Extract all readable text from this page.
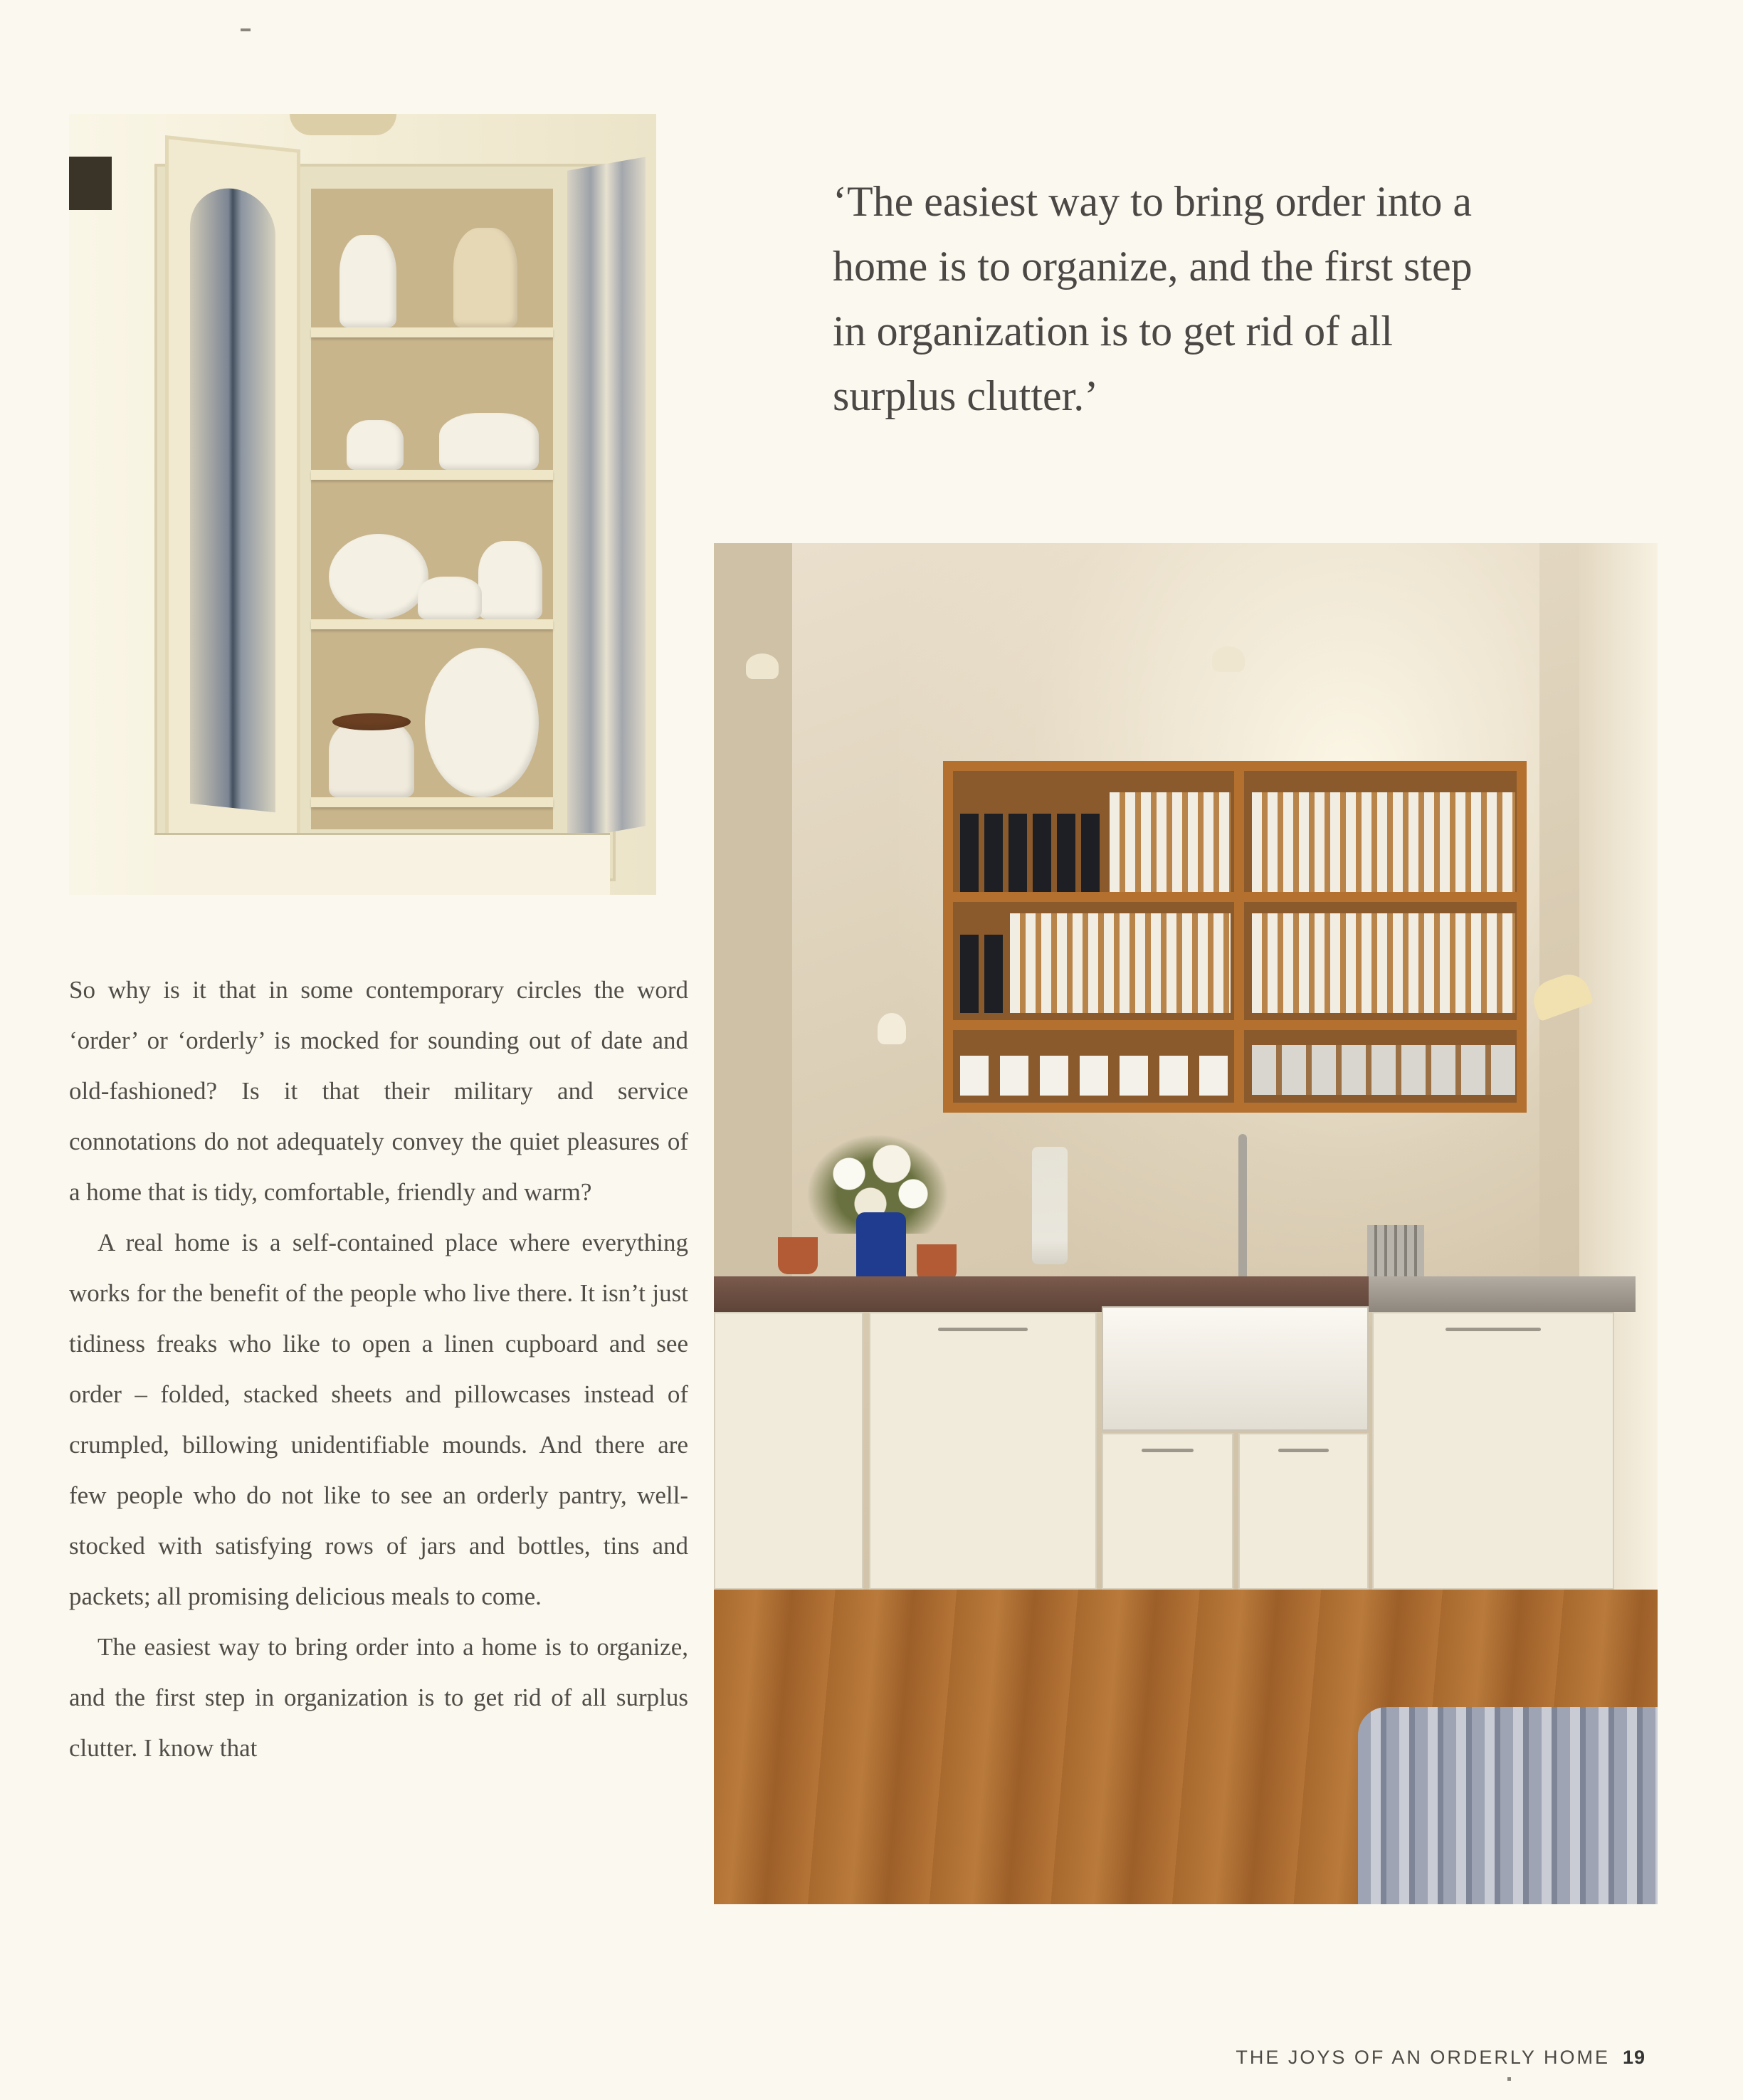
‘The easiest way to bring order into a home is to organize, and the first step in organization is to get rid of all surplus clutter.’

So why is it that in some contemporary circles the word ‘order’ or ‘orderly’ is mocked for sounding out of date and old-fashioned? Is it that their military and service connotations do not adequately convey the quiet pleasures of a home that is tidy, comfortable, friendly and warm?

A real home is a self-contained place where everything works for the benefit of the people who live there. It isn’t just tidiness freaks who like to open a linen cupboard and see order – folded, stacked sheets and pillowcases instead of crumpled, billowing unidentifiable mounds. And there are few people who do not like to see an orderly pantry, well-stocked with satisfying rows of jars and bottles, tins and packets; all promising delicious meals to come.

The easiest way to bring order into a home is to organize, and the first step in organization is to get rid of all surplus clutter. I know that

THE JOYS OF AN ORDERLY HOME 19
